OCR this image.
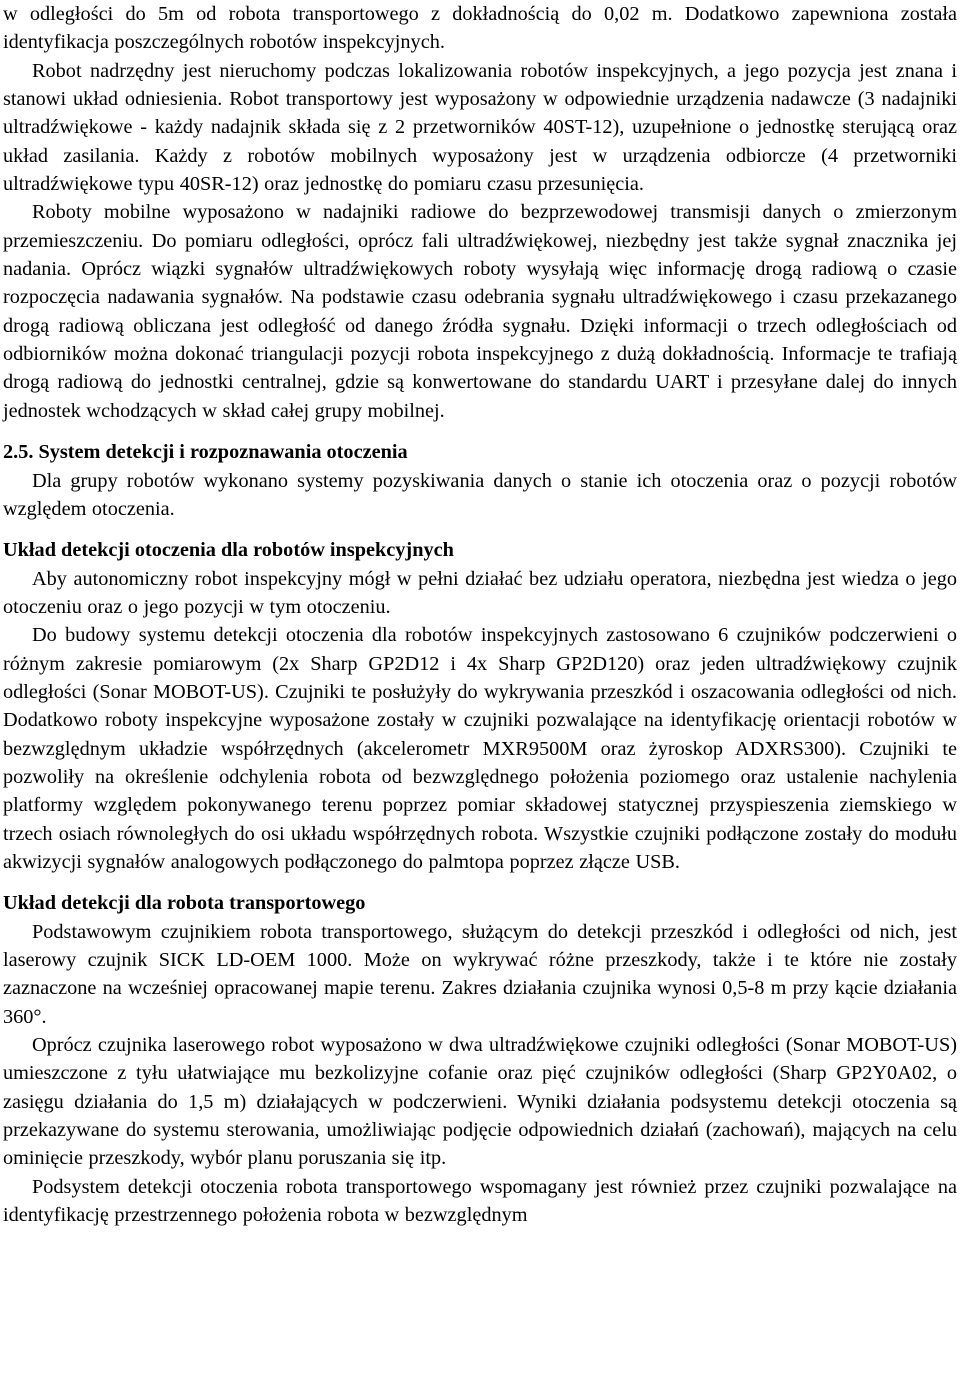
w odległości do 5m od robota transportowego z dokładnością do 0,02 m. Dodatkowo zapewniona została identyfikacja poszczególnych robotów inspekcyjnych.

Robot nadrzędny jest nieruchomy podczas lokalizowania robotów inspekcyjnych, a jego pozycja jest znana i stanowi układ odniesienia. Robot transportowy jest wyposażony w odpowiednie urządzenia nadawcze (3 nadajniki ultradźwiękowe - każdy nadajnik składa się z 2 przetworników 40ST-12), uzupełnione o jednostkę sterującą oraz układ zasilania. Każdy z robotów mobilnych wyposażony jest w urządzenia odbiorcze (4 przetworniki ultradźwiękowe typu 40SR-12) oraz jednostkę do pomiaru czasu przesunięcia.

Roboty mobilne wyposażono w nadajniki radiowe do bezprzewodowej transmisji danych o zmierzonym przemieszczeniu. Do pomiaru odległości, oprócz fali ultradźwiękowej, niezbędny jest także sygnał znacznika jej nadania. Oprócz wiązki sygnałów ultradźwiękowych roboty wysyłają więc informację drogą radiową o czasie rozpoczęcia nadawania sygnałów. Na podstawie czasu odebrania sygnału ultradźwiękowego i czasu przekazanego drogą radiową obliczana jest odległość od danego źródła sygnału. Dzięki informacji o trzech odległościach od odbiorników można dokonać triangulacji pozycji robota inspekcyjnego z dużą dokładnością. Informacje te trafiają drogą radiową do jednostki centralnej, gdzie są konwertowane do standardu UART i przesyłane dalej do innych jednostek wchodzących w skład całej grupy mobilnej.

2.5. System detekcji i rozpoznawania otoczenia

Dla grupy robotów wykonano systemy pozyskiwania danych o stanie ich otoczenia oraz o pozycji robotów względem otoczenia.

Układ detekcji otoczenia dla robotów inspekcyjnych

Aby autonomiczny robot inspekcyjny mógł w pełni działać bez udziału operatora, niezbędna jest wiedza o jego otoczeniu oraz o jego pozycji w tym otoczeniu.

Do budowy systemu detekcji otoczenia dla robotów inspekcyjnych zastosowano 6 czujników podczerwieni o różnym zakresie pomiarowym (2x Sharp GP2D12 i 4x Sharp GP2D120) oraz jeden ultradźwiękowy czujnik odległości (Sonar MOBOT-US). Czujniki te posłużyły do wykrywania przeszkód i oszacowania odległości od nich. Dodatkowo roboty inspekcyjne wyposażone zostały w czujniki pozwalające na identyfikację orientacji robotów w bezwzględnym układzie współrzędnych (akcelerometr MXR9500M oraz żyroskop ADXRS300). Czujniki te pozwoliły na określenie odchylenia robota od bezwzględnego położenia poziomego oraz ustalenie nachylenia platformy względem pokonywanego terenu poprzez pomiar składowej statycznej przyspieszenia ziemskiego w trzech osiach równoległych do osi układu współrzędnych robota. Wszystkie czujniki podłączone zostały do modułu akwizycji sygnałów analogowych podłączonego do palmtopa poprzez złącze USB.

Układ detekcji dla robota transportowego

Podstawowym czujnikiem robota transportowego, służącym do detekcji przeszkód i odległości od nich, jest laserowy czujnik SICK LD-OEM 1000. Może on wykrywać różne przeszkody, także i te które nie zostały zaznaczone na wcześniej opracowanej mapie terenu. Zakres działania czujnika wynosi 0,5-8 m przy kącie działania 360°.

Oprócz czujnika laserowego robot wyposażono w dwa ultradźwiękowe czujniki odległości (Sonar MOBOT-US) umieszczone z tyłu ułatwiające mu bezkolizyjne cofanie oraz pięć czujników odległości (Sharp GP2Y0A02, o zasięgu działania do 1,5 m) działających w podczerwieni. Wyniki działania podsystemu detekcji otoczenia są przekazywane do systemu sterowania, umożliwiając podjęcie odpowiednich działań (zachowań), mających na celu ominięcie przeszkody, wybór planu poruszania się itp.

Podsystem detekcji otoczenia robota transportowego wspomagany jest również przez czujniki pozwalające na identyfikację przestrzennego położenia robota w bezwzględnym
